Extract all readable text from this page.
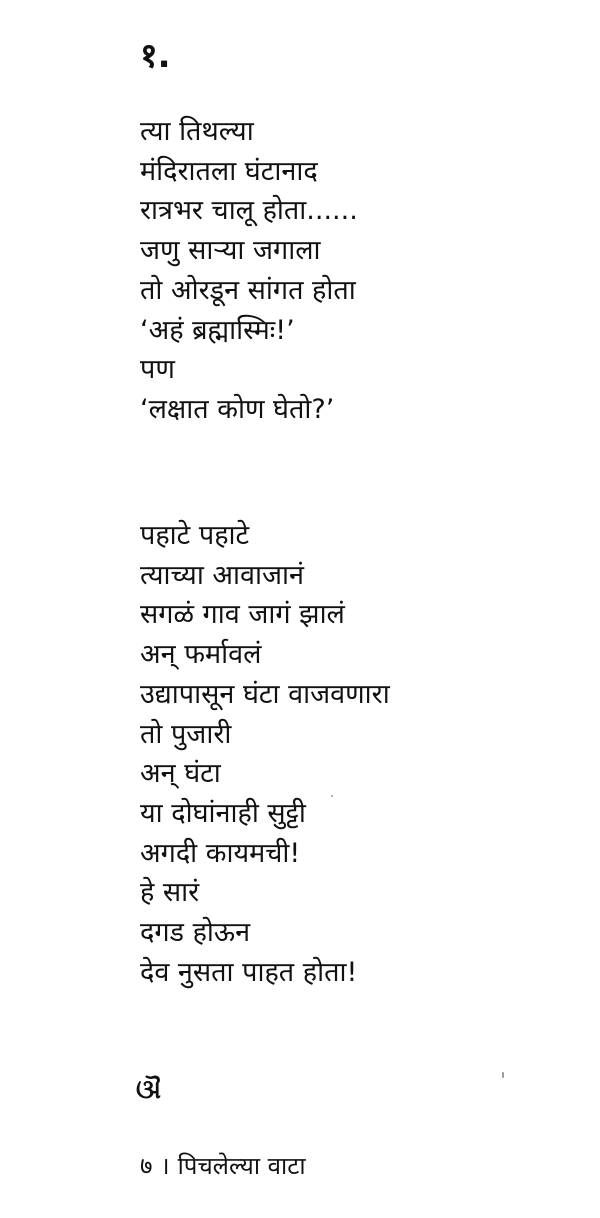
१.
त्या तिथल्या
मंदिरातला घंटानाद
रात्रभर चालू होता......
जणु साऱ्या जगाला
तो ओरडून सांगत होता
‘अहं ब्रह्मास्मिः!’
पण
‘लक्षात कोण घेतो?’
पहाटे पहाटे
त्याच्या आवाजानं
सगळं गाव जागं झालं
अन् फर्मावलं
उद्यापासून घंटा वाजवणारा
तो पुजारी
अन् घंटा
या दोघांनाही सुट्टी
अगदी कायमची!
हे सारं
दगड होऊन
देव नुसता पाहत होता!
ଔ
७ । पिचलेल्या वाटा
